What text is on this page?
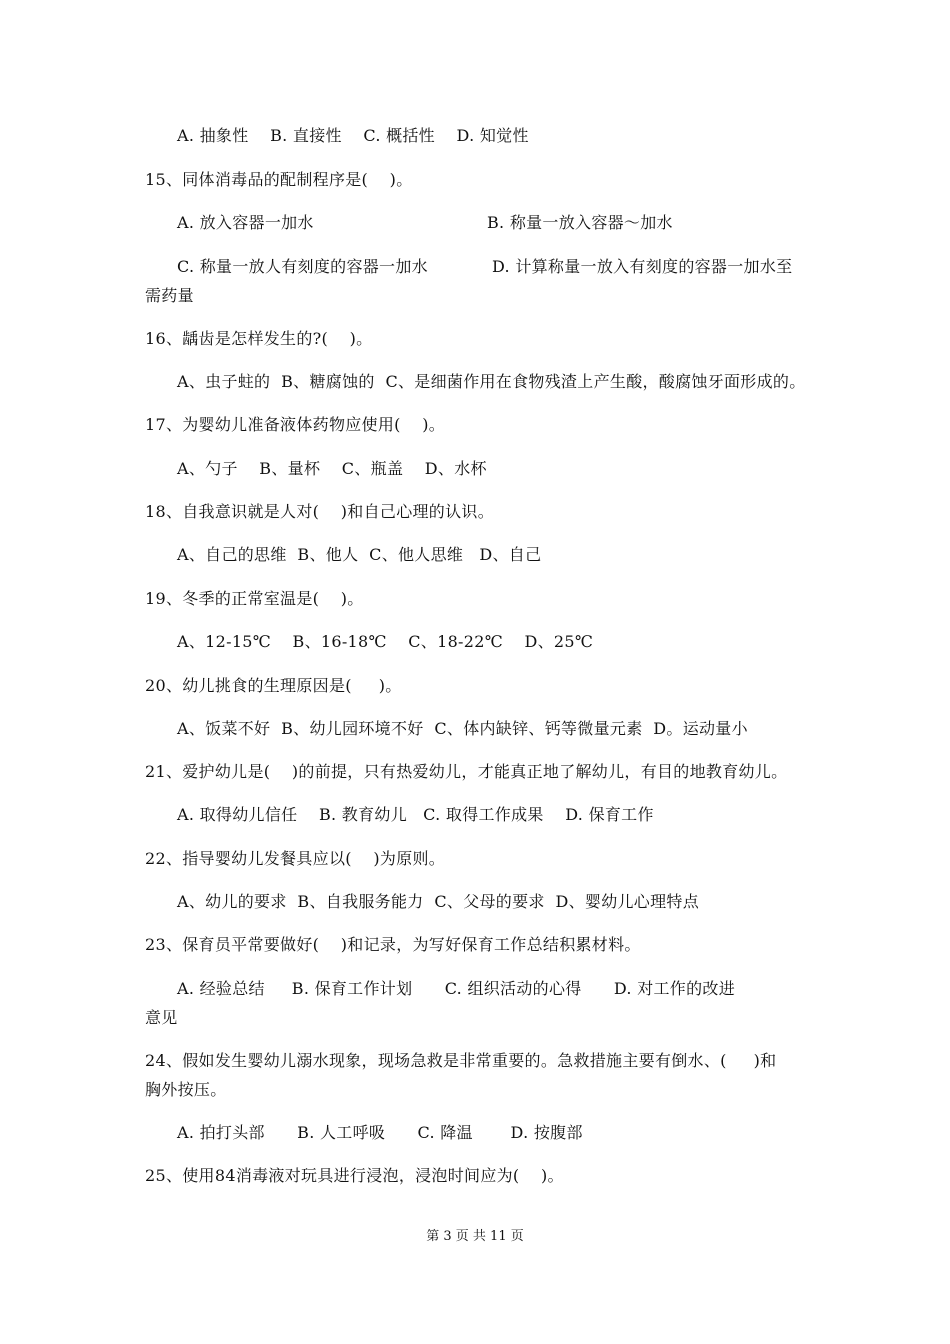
A. 抽象性    B. 直接性    C. 概括性    D. 知觉性
15、同体消毒品的配制程序是(    )。
A. 放入容器一加水	B. 称量一放入容器～加水
C. 称量一放人有刻度的容器一加水	D. 计算称量一放入有刻度的容器一加水至
需药量
16、龋齿是怎样发生的?(    )。
A、虫子蛀的  B、糖腐蚀的  C、是细菌作用在食物残渣上产生酸，酸腐蚀牙面形成的。
17、为婴幼儿准备液体药物应使用(    )。
A、勺子    B、量杯    C、瓶盖    D、水杯
18、自我意识就是人对(    )和自己心理的认识。
A、自己的思维  B、他人  C、他人思维   D、自己
19、冬季的正常室温是(    )。
A、12-15℃    B、16-18℃    C、18-22℃    D、25℃
20、幼儿挑食的生理原因是(     )。
A、饭菜不好  B、幼儿园环境不好  C、体内缺锌、钙等微量元素  D。运动量小
21、爱护幼儿是(    )的前提，只有热爱幼儿，才能真正地了解幼儿，有目的地教育幼儿。
A. 取得幼儿信任    B. 教育幼儿   C. 取得工作成果    D. 保育工作
22、指导婴幼儿发餐具应以(    )为原则。
A、幼儿的要求  B、自我服务能力  C、父母的要求  D、婴幼儿心理特点
23、保育员平常要做好(    )和记录，为写好保育工作总结积累材料。
A. 经验总结     B. 保育工作计划      C. 组织活动的心得      D. 对工作的改进
意见
24、假如发生婴幼儿溺水现象，现场急救是非常重要的。急救措施主要有倒水、(     )和
胸外按压。
A. 拍打头部      B. 人工呼吸      C. 降温       D. 按腹部
25、使用84消毒液对玩具进行浸泡，浸泡时间应为(    )。
第 3 页 共 11 页
